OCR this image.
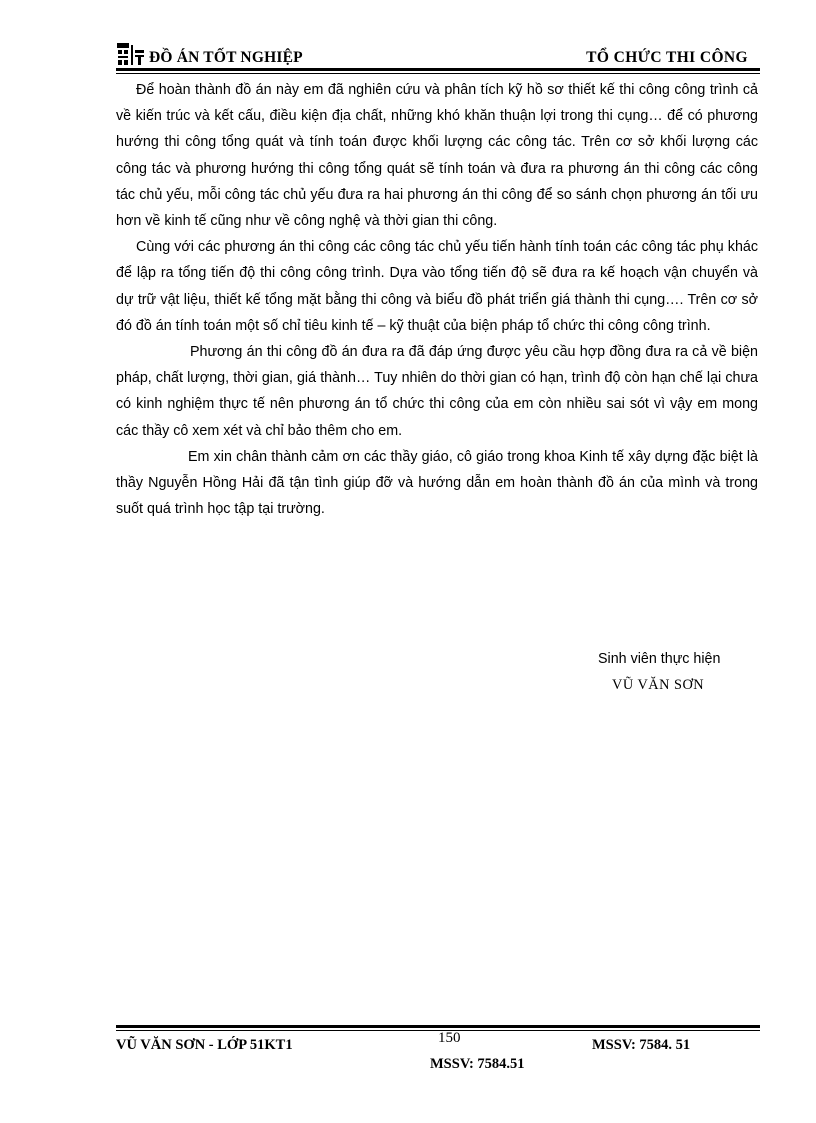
ĐỒ ÁN TỐT NGHIỆP	TỔ CHỨC THI CÔNG

Để hoàn thành đồ án này em đã nghiên cứu và phân tích kỹ hồ sơ thiết kế thi công công trình cả về kiến trúc và kết cấu, điều kiện địa chất, những khó khăn thuận lợi trong thi cụng… để có phương hướng thi công tổng quát và tính toán được khối lượng các công tác. Trên cơ sở khối lượng các công tác và phương hướng thi công tổng quát sẽ tính toán và đưa ra phương án thi công các công tác chủ yếu, mỗi công tác chủ yếu đưa ra hai phương án thi công để so sánh chọn phương án tối ưu hơn về kinh tế cũng như về công nghệ và thời gian thi công.

Cùng với các phương án thi công các công tác chủ yếu tiến hành tính toán các công tác phụ khác để lập ra tổng tiến độ thi công công trình. Dựa vào tổng tiến độ sẽ đưa ra kế hoạch vận chuyển và dự trữ vật liệu, thiết kế tổng mặt bằng thi công và biểu đồ phát triển giá thành thi cụng…. Trên cơ sở đó đồ án tính toán một số chỉ tiêu kinh tế – kỹ thuật của biện pháp tổ chức thi công công trình.

Phương án thi công đồ án đưa ra đã đáp ứng được yêu cầu hợp đồng đưa ra cả về biện pháp, chất lượng, thời gian, giá thành… Tuy nhiên do thời gian có hạn, trình độ còn hạn chế lại chưa có kinh nghiệm thực tế nên phương án tổ chức thi công của em còn nhiều sai sót vì vậy em mong các thầy cô xem xét và chỉ bảo thêm cho em.

Em xin chân thành cảm ơn các thầy giáo, cô giáo trong khoa Kinh tế xây dựng đặc biệt là thầy Nguyễn Hồng Hải đã tận tình giúp đỡ và hướng dẫn em hoàn thành đồ án của mình và trong suốt quá trình học tập tại trường.

Sinh viên thực hiện
VŨ VĂN SƠN
VŨ VĂN SƠN - LỚP 51KT1	150	MSSV: 7584. 51
MSSV: 7584.51
